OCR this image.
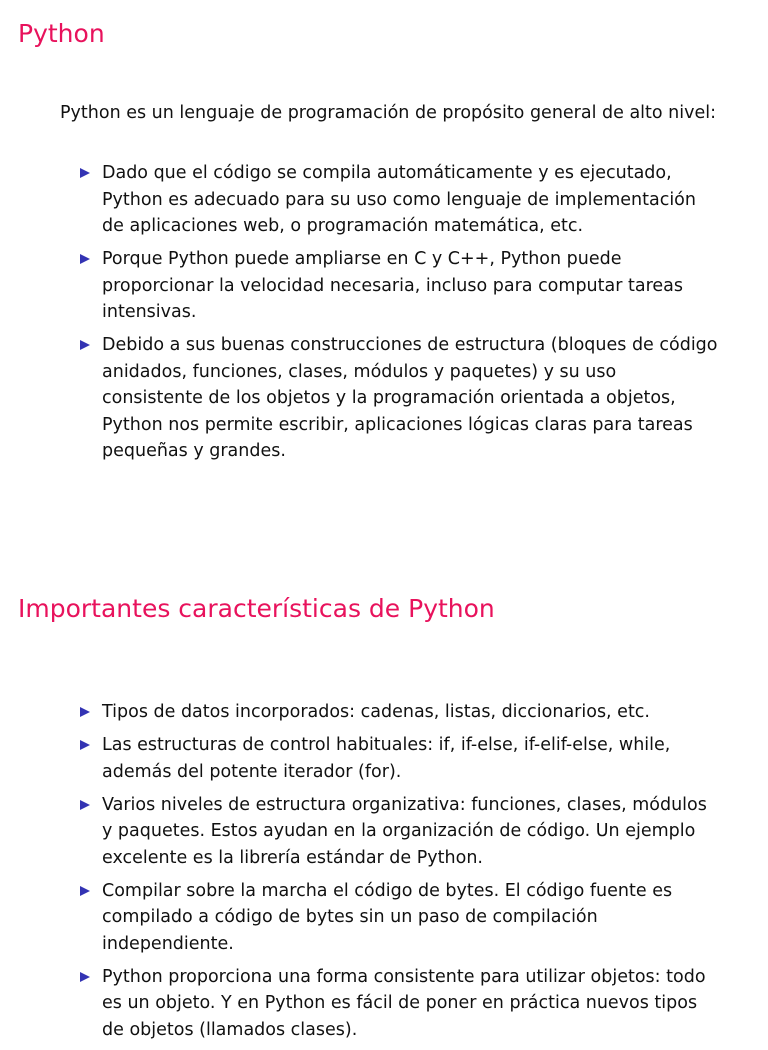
Python

Python es un lenguaje de programación de propósito general de alto nivel:

Dado que el código se compila automáticamente y es ejecutado, Python es adecuado para su uso como lenguaje de implementación de aplicaciones web, o programación matemática, etc.
Porque Python puede ampliarse en C y C++, Python puede proporcionar la velocidad necesaria, incluso para computar tareas intensivas.
Debido a sus buenas construcciones de estructura (bloques de código anidados, funciones, clases, módulos y paquetes) y su uso consistente de los objetos y la programación orientada a objetos, Python nos permite escribir, aplicaciones lógicas claras para tareas pequeñas y grandes.
Importantes características de Python
Tipos de datos incorporados: cadenas, listas, diccionarios, etc.
Las estructuras de control habituales: if, if-else, if-elif-else, while, además del potente iterador (for).
Varios niveles de estructura organizativa: funciones, clases, módulos y paquetes. Estos ayudan en la organización de código. Un ejemplo excelente es la librería estándar de Python.
Compilar sobre la marcha el código de bytes. El código fuente es compilado a código de bytes sin un paso de compilación independiente.
Python proporciona una forma consistente para utilizar objetos: todo es un objeto. Y en Python es fácil de poner en práctica nuevos tipos de objetos (llamados clases).
